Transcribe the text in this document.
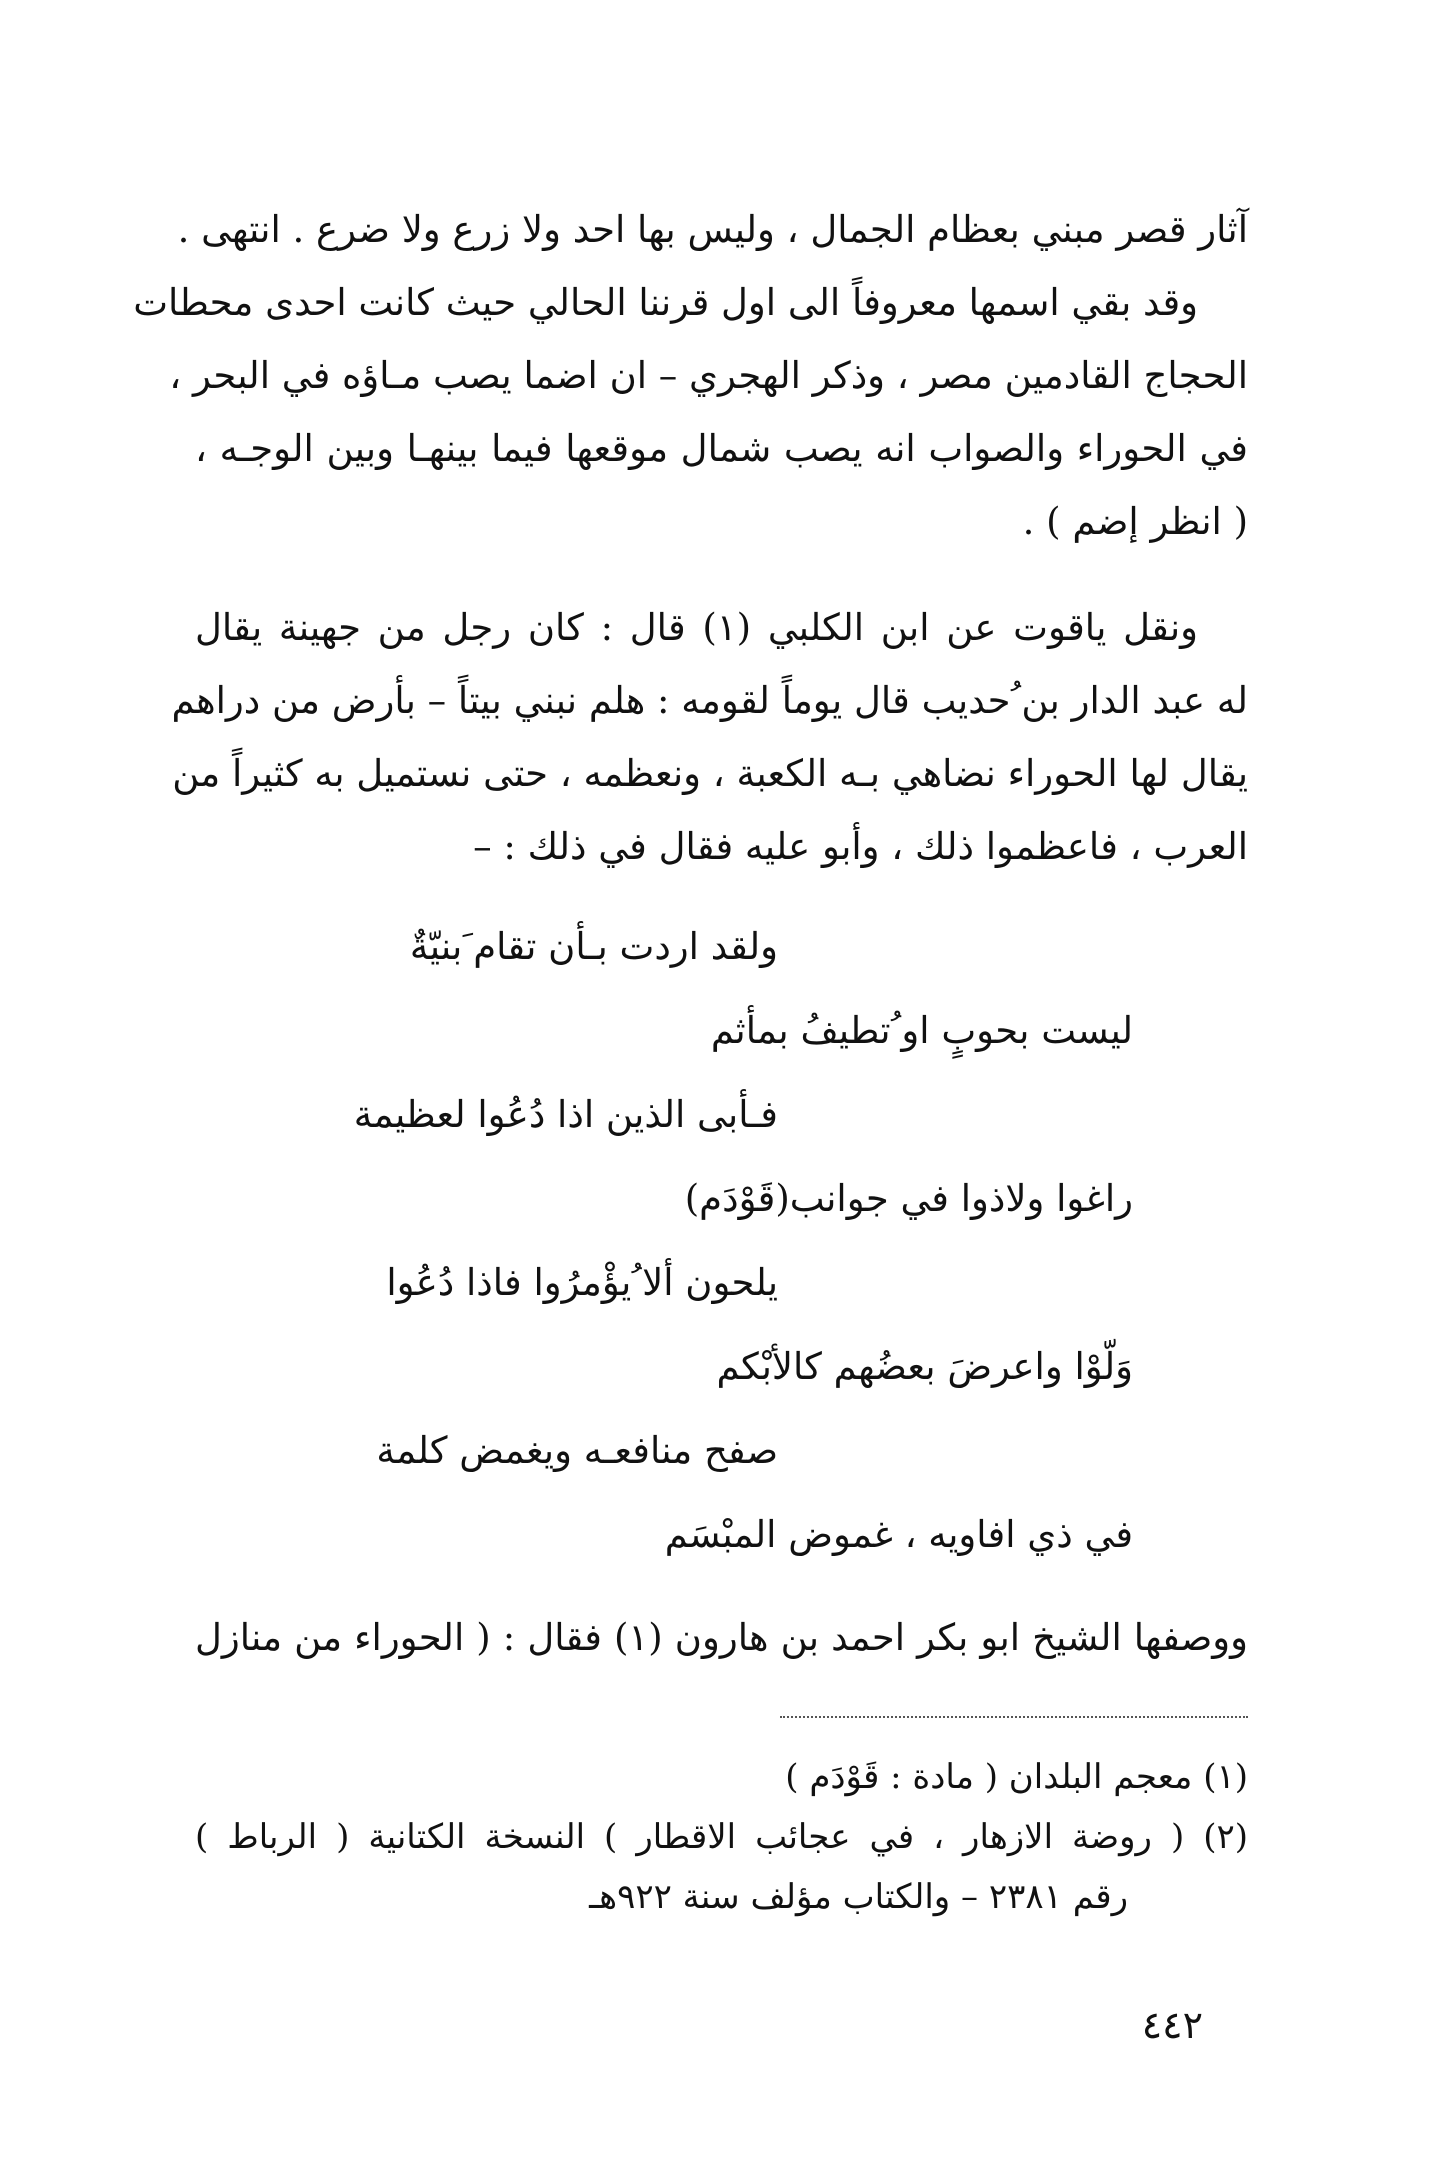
آثار قصر مبني بعظام الجمال ، وليس بها احد ولا زرع ولا ضرع . انتهى .
وقد بقي اسمها معروفاً الى اول قرننا الحالي حيث كانت احدى محطات
الحجاج القادمين مصر ، وذكر الهجري – ان اضما يصب مـاؤه في البحر ،
في الحوراء والصواب انه يصب شمال موقعها فيما بينهـا وبين الوجـه ،
( انظر إضم ) .
ونقل ياقوت عن ابن الكلبي (١) قال : كان رجل من جهينة يقال
له عبد الدار بن ُحديب قال يوماً لقومه : هلم نبني بيتاً – بأرض من دراهم
يقال لها الحوراء نضاهي بـه الكعبة ، ونعظمه ، حتى نستميل به كثيراً من
العرب ، فاعظموا ذلك ، وأبو عليه فقال في ذلك : –
ولقد اردت بـأن تقام َبنيّةٌ
ليست بحوبٍ او ُتطيفُ بمأثم
فـأبى الذين اذا دُعُوا لعظيمة
راغوا ولاذوا في جوانب(قَوْدَم)
يلحون ألا ُيؤْمرُوا فاذا دُعُوا
وَلّوْا واعرضَ بعضُهم كالأبْكم
صفح منافعـه ويغمض كلمة
في ذي افاويه ، غموض المبْسَم
ووصفها الشيخ ابو بكر احمد بن هارون (١) فقال : ( الحوراء من منازل
(١) معجم البلدان ( مادة : قَوْدَم )
(٢) ( روضة الازهار ، في عجائب الاقطار ) النسخة الكتانية ( الرباط )
رقم ٢٣٨١ – والكتاب مؤلف سنة ٩٢٢هـ
٤٤٢
